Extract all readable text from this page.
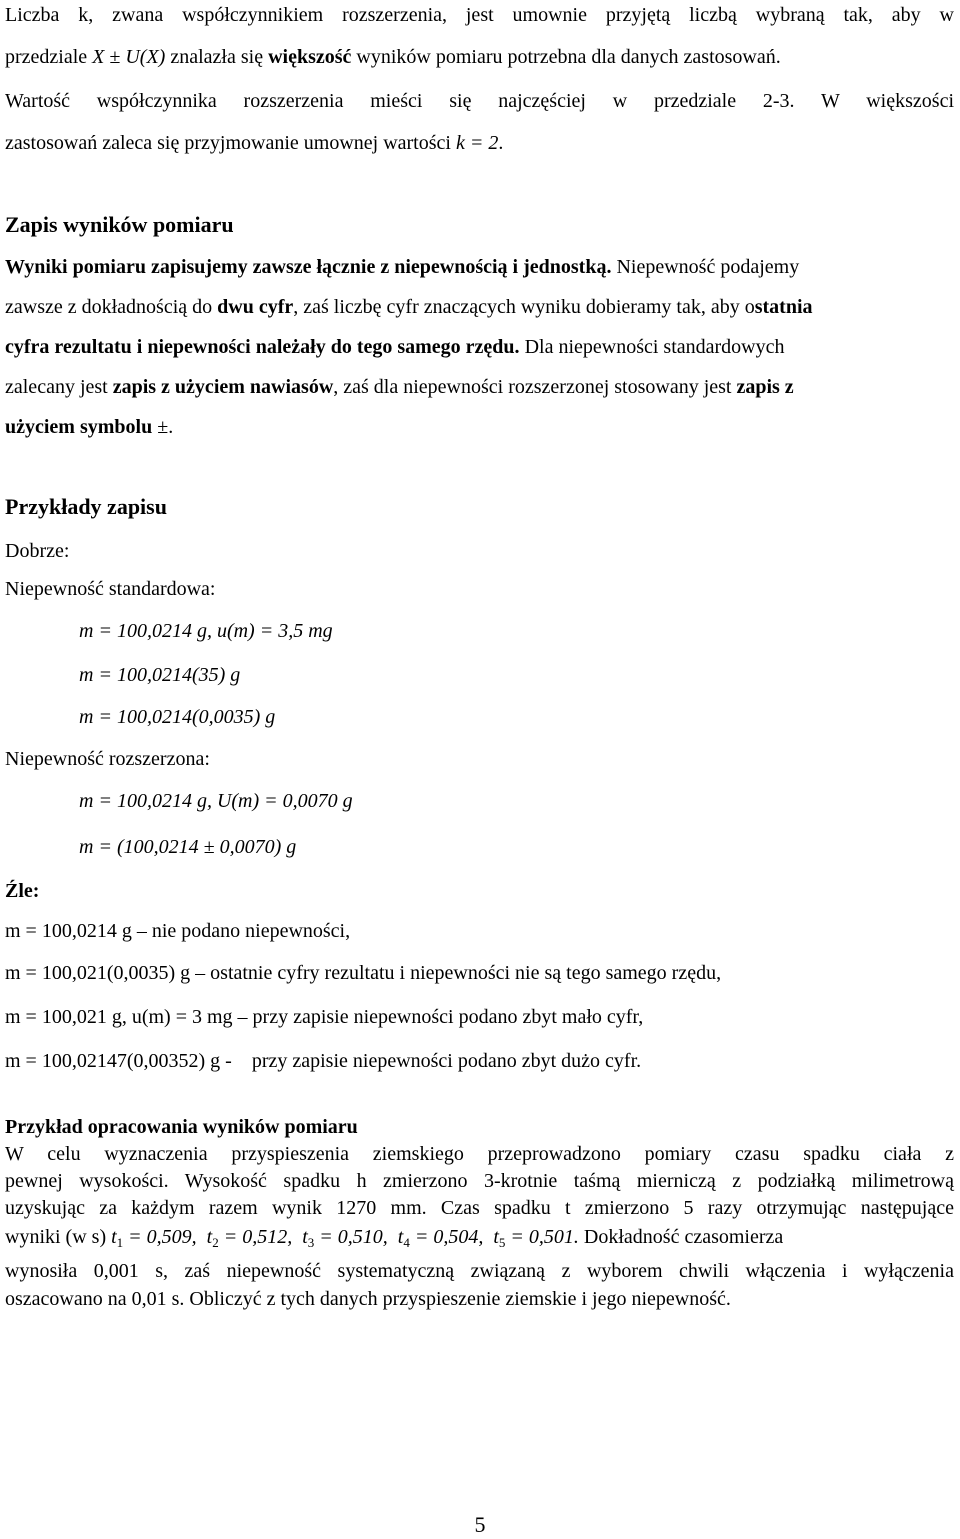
Liczba k, zwana współczynnikiem rozszerzenia, jest umownie przyjętą liczbą wybraną tak, aby w
przedziale X ± U(X) znalazła się większość wyników pomiaru potrzebna dla danych zastosowań.
Wartość współczynnika rozszerzenia mieści się najczęściej w przedziale 2-3. W większości
zastosowań zaleca się przyjmowanie umownej wartości k = 2.
Zapis wyników pomiaru
Wyniki pomiaru zapisujemy zawsze łącznie z niepewnością i jednostką. Niepewność podajemy
zawsze z dokładnością do dwu cyfr, zaś liczbę cyfr znaczących wyniku dobieramy tak, aby ostatnia
cyfra rezultatu i niepewności należały do tego samego rzędu. Dla niepewności standardowych
zalecany jest zapis z użyciem nawiasów, zaś dla niepewności rozszerzonej stosowany jest zapis z
użyciem symbolu ±.
Przykłady zapisu
Dobrze:
Niepewność standardowa:
m = 100,0214 g, u(m) = 3,5 mg
m = 100,0214(35) g
m = 100,0214(0,0035) g
Niepewność rozszerzona:
m = 100,0214 g, U(m) = 0,0070 g
m = (100,0214 ± 0,0070) g
Źle:
m = 100,0214 g – nie podano niepewności,
m = 100,021(0,0035) g – ostatnie cyfry rezultatu i niepewności nie są tego samego rzędu,
m = 100,021 g, u(m) = 3 mg – przy zapisie niepewności podano zbyt mało cyfr,
m = 100,02147(0,00352) g - przy zapisie niepewności podano zbyt dużo cyfr.
Przykład opracowania wyników pomiaru
W celu wyznaczenia przyspieszenia ziemskiego przeprowadzono pomiary czasu spadku ciała z
pewnej wysokości. Wysokość spadku h zmierzono 3-krotnie taśmą mierniczą z podziałką milimetrową
uzyskując za każdym razem wynik 1270 mm. Czas spadku t zmierzono 5 razy otrzymując następujące
wyniki (w s) $t_1 = 0,509$, $t_2 = 0,512$, $t_3 = 0,510$, $t_4 = 0,504$, $t_5 = 0,501$. Dokładność czasomierza
wynosiła 0,001 s, zaś niepewność systematyczną związaną z wyborem chwili włączenia i wyłączenia
oszacowano na 0,01 s. Obliczyć z tych danych przyspieszenie ziemskie i jego niepewność.
5
